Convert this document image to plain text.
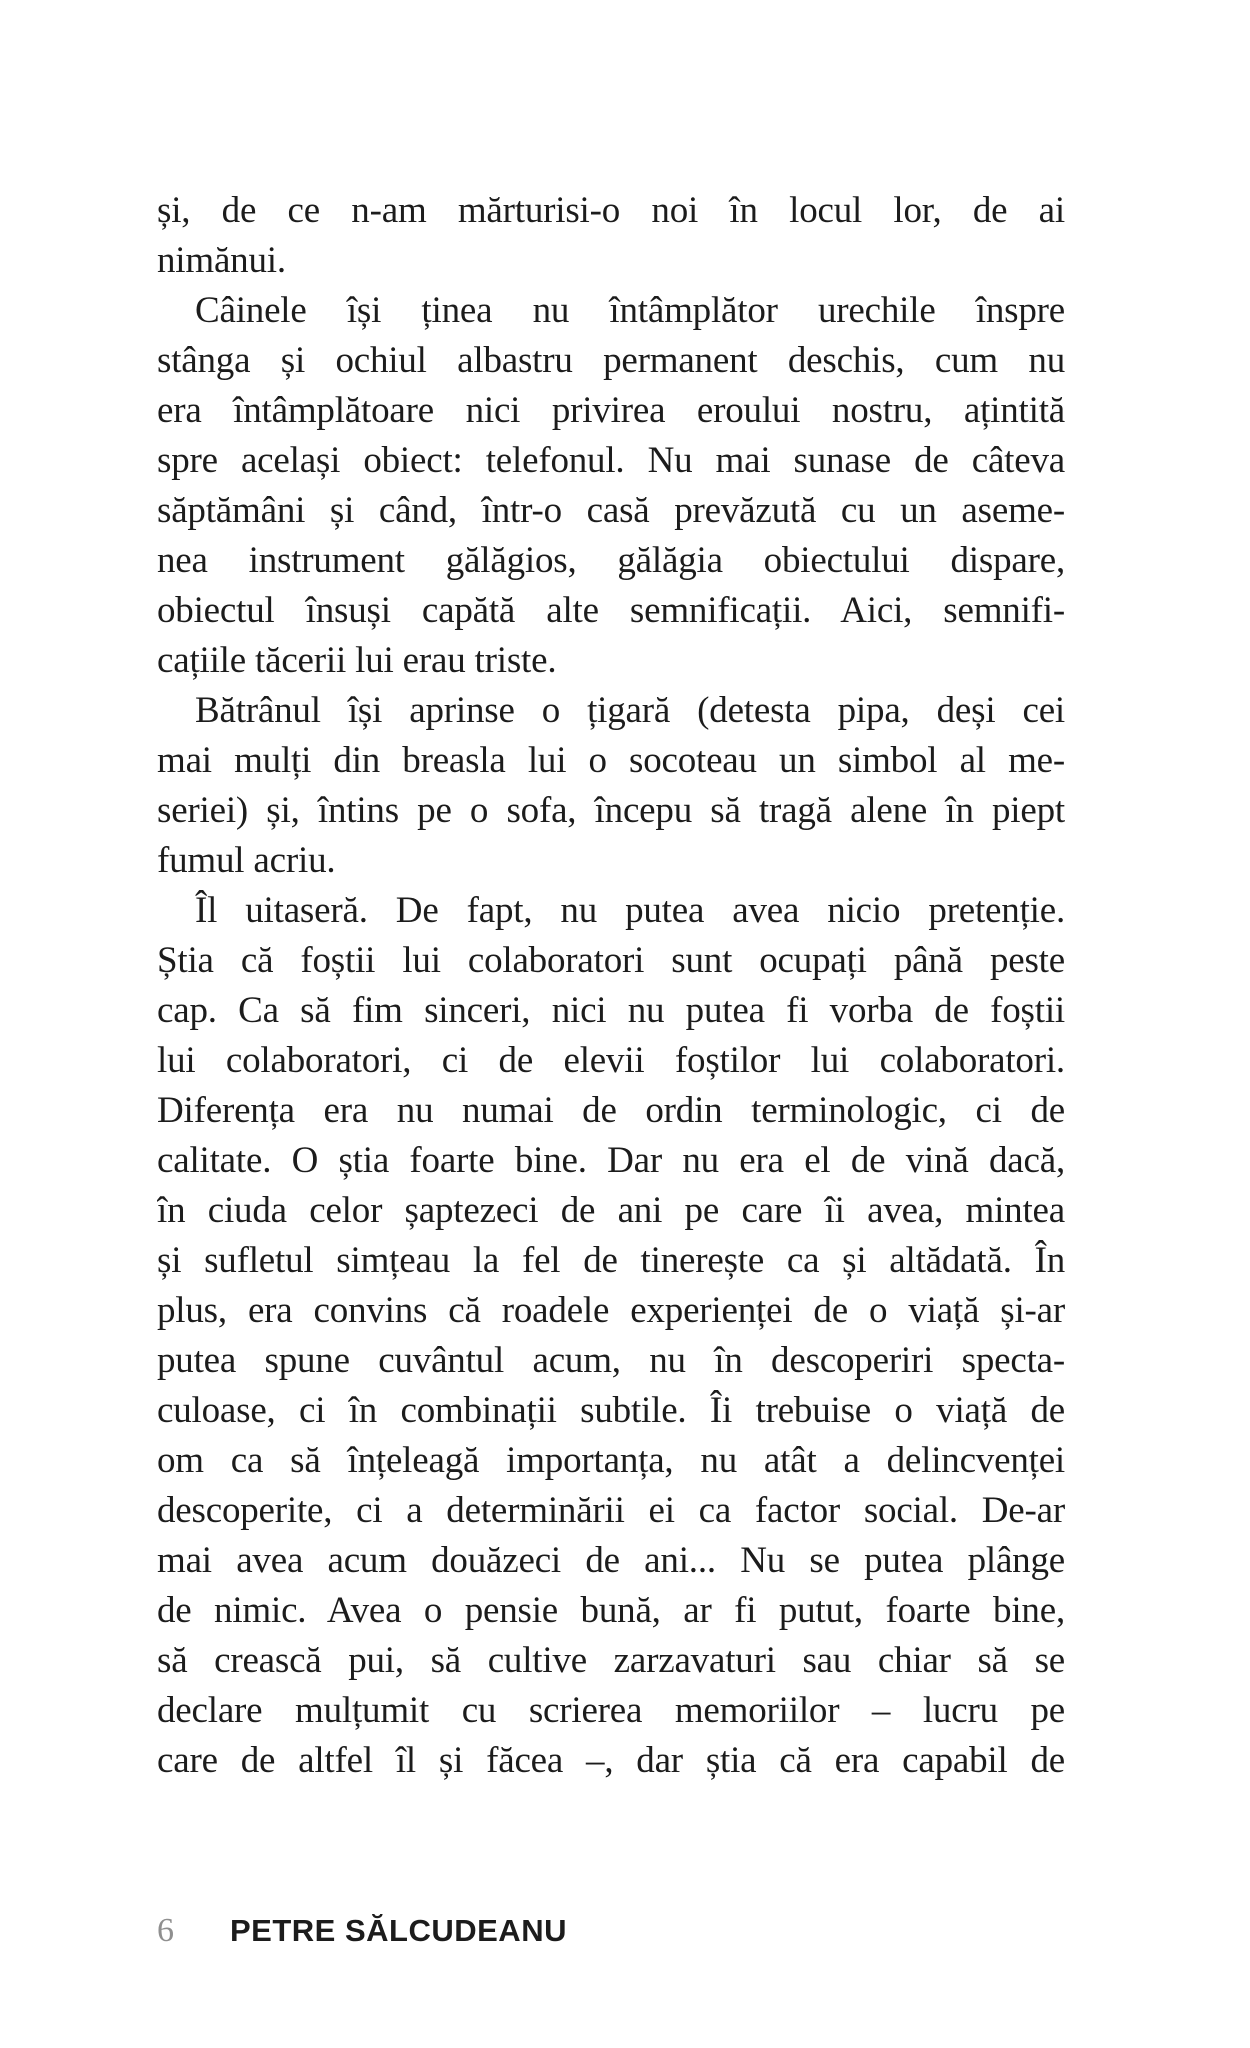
și, de ce n-am mărturisi-o noi în locul lor, de ai
nimănui.
Câinele își ținea nu întâmplător urechile înspre
stânga și ochiul albastru permanent deschis, cum nu
era întâmplătoare nici privirea eroului nostru, ațintită
spre același obiect: telefonul. Nu mai sunase de câteva
săptămâni și când, într-o casă prevăzută cu un aseme-
nea instrument gălăgios, gălăgia obiectului dispare,
obiectul însuși capătă alte semnificații. Aici, semnifi-
cațiile tăcerii lui erau triste.
Bătrânul își aprinse o țigară (detesta pipa, deși cei
mai mulți din breasla lui o socoteau un simbol al me-
seriei) și, întins pe o sofa, începu să tragă alene în piept
fumul acriu.
Îl uitaseră. De fapt, nu putea avea nicio pretenție.
Știa că foștii lui colaboratori sunt ocupați până peste
cap. Ca să fim sinceri, nici nu putea fi vorba de foștii
lui colaboratori, ci de elevii foștilor lui colaboratori.
Diferența era nu numai de ordin terminologic, ci de
calitate. O știa foarte bine. Dar nu era el de vină dacă,
în ciuda celor șaptezeci de ani pe care îi avea, mintea
și sufletul simțeau la fel de tinerește ca și altădată. În
plus, era convins că roadele experienței de o viață și-ar
putea spune cuvântul acum, nu în descoperiri specta-
culoase, ci în combinații subtile. Îi trebuise o viață de
om ca să înțeleagă importanța, nu atât a delincvenței
descoperite, ci a determinării ei ca factor social. De-ar
mai avea acum douăzeci de ani... Nu se putea plânge
de nimic. Avea o pensie bună, ar fi putut, foarte bine,
să crească pui, să cultive zarzavaturi sau chiar să se
declare mulțumit cu scrierea memoriilor – lucru pe
care de altfel îl și făcea –, dar știa că era capabil de
6 PETRE SĂLCUDEANU
